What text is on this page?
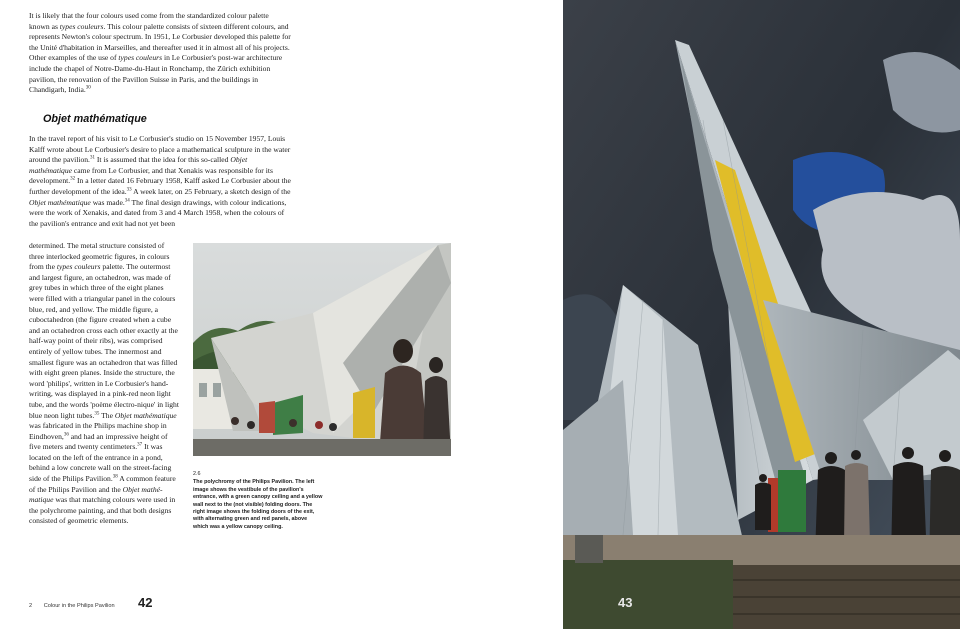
It is likely that the four colours used come from the standardized colour palette known as types couleurs. This colour palette consists of sixteen different colours, and represents Newton's colour spectrum. In 1951, Le Corbusier developed this palette for the Unité d'habitation in Marseilles, and thereafter used it in almost all of his projects. Other examples of the use of types couleurs in Le Corbusier's post-war architecture include the chapel of Notre-Dame-du-Haut in Ronchamp, the Zürich exhibition pavilion, the renovation of the Pavillon Suisse in Paris, and the buildings in Chandigarh, India.$^{30}$

Objet mathématique

In the travel report of his visit to Le Corbusier's studio on 15 November 1957, Louis Kalff wrote about Le Corbusier's desire to place a mathematical sculpture in the water around the pavilion.$^{31}$ It is assumed that the idea for this so-called Objet mathématique came from Le Corbusier, and that Xenakis was responsible for its development.$^{32}$ In a letter dated 16 February 1958, Kalff asked Le Corbusier about the further development of the idea.$^{33}$ A week later, on 25 February, a sketch design of the Objet mathématique was made.$^{34}$ The final design drawings, with colour indications, were the work of Xenakis, and dated from 3 and 4 March 1958, when the colours of the pavilion's entrance and exit had not yet been

determined. The metal structure consisted of three interlocked geometric figures, in colours from the types couleurs palette. The outermost and largest figure, an octahedron, was made of grey tubes in which three of the eight planes were filled with a triangular panel in the colours blue, red, and yellow. The middle figure, a cuboctahedron (the figure created when a cube and an octahedron cross each other exactly at the half-way point of their ribs), was comprised entirely of yellow tubes. The innermost and smallest figure was an octahedron that was filled with eight green planes. Inside the structure, the word 'philips', written in Le Corbusier's hand-writing, was displayed in a pink-red neon light tube, and the words 'poème électro-nique' in light blue neon light tubes.$^{35}$ The Objet mathématique was fabricated in the Philips machine shop in Eindhoven,$^{36}$ and had an impressive height of five meters and twenty centimeters.$^{37}$ It was located on the left of the entrance in a pond, behind a low concrete wall on the street-facing side of the Philips Pavilion.$^{38}$ A common feature of the Philips Pavilion and the Objet mathé-matique was that matching colours were used in the polychrome painting, and that both designs consisted of geometric elements.

2.6
The polychromy of the Philips Pavilion. The left image shows the vestibule of the pavilion's entrance, with a green canopy ceiling and a yellow wall next to the (not visible) folding doors. The right image shows the folding doors of the exit, with alternating green and red panels, above which was a yellow canopy ceiling.
2 Colour in the Philips Pavilion	42	43
